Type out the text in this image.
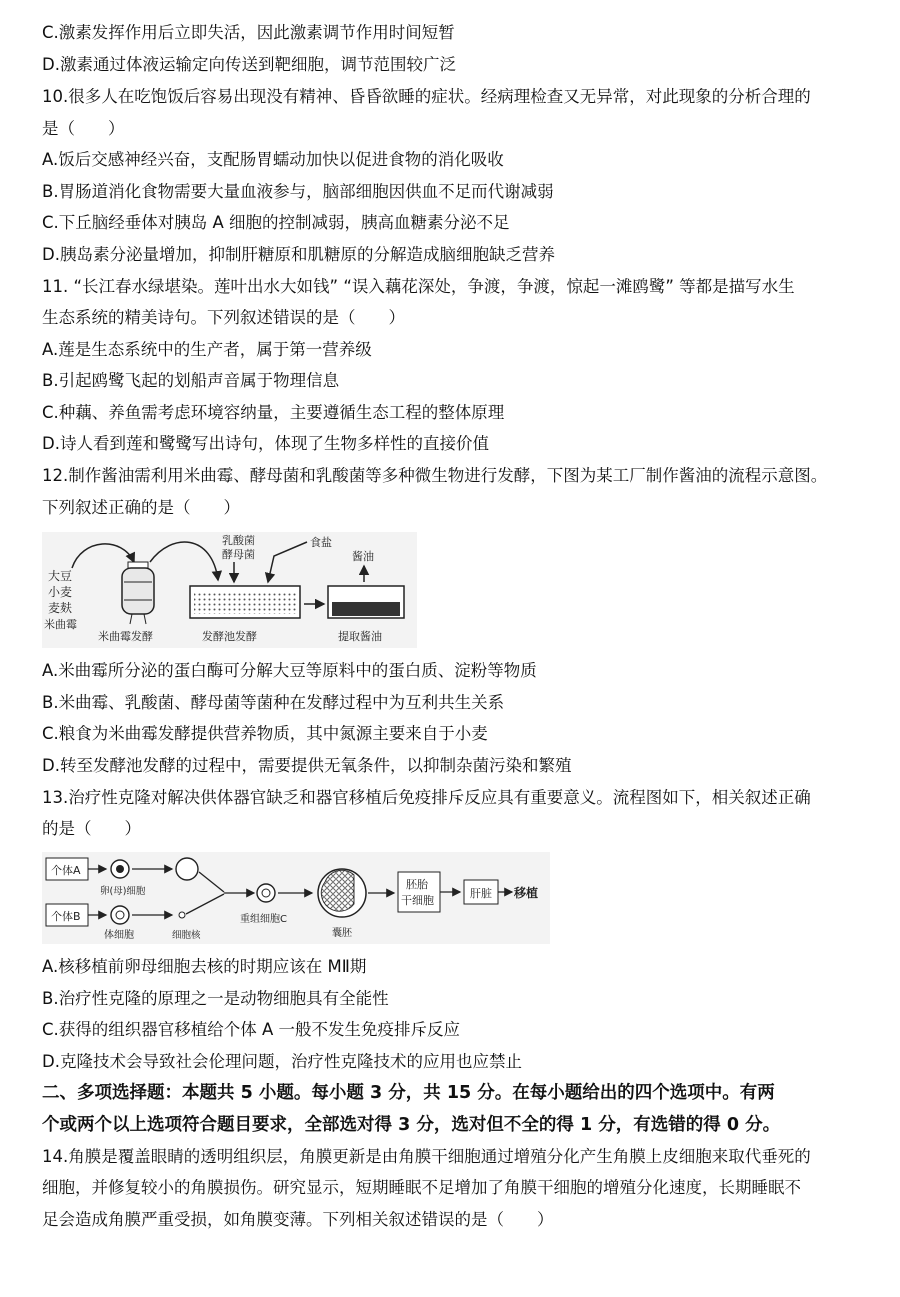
C.激素发挥作用后立即失活，因此激素调节作用时间短暂
D.激素通过体液运输定向传送到靶细胞，调节范围较广泛
10.很多人在吃饱饭后容易出现没有精神、昏昏欲睡的症状。经病理检查又无异常，对此现象的分析合理的
是（　　）
A.饭后交感神经兴奋，支配肠胃蠕动加快以促进食物的消化吸收
B.胃肠道消化食物需要大量血液参与，脑部细胞因供血不足而代谢减弱
C.下丘脑经垂体对胰岛 A 细胞的控制减弱，胰高血糖素分泌不足
D.胰岛素分泌量增加，抑制肝糖原和肌糖原的分解造成脑细胞缺乏营养
11. “长江春水绿堪染。莲叶出水大如钱” “误入藕花深处，争渡，争渡，惊起一滩鸥鹭” 等都是描写水生
生态系统的精美诗句。下列叙述错误的是（　　）
A.莲是生态系统中的生产者，属于第一营养级
B.引起鸥鹭飞起的划船声音属于物理信息
C.种藕、养鱼需考虑环境容纳量，主要遵循生态工程的整体原理
D.诗人看到莲和鹭鹭写出诗句，体现了生物多样性的直接价值
12.制作酱油需利用米曲霉、酵母菌和乳酸菌等多种微生物进行发酵，下图为某工厂制作酱油的流程示意图。
下列叙述正确的是（　　）
大豆
小麦
麦麸
米曲霉
米曲霉发酵
乳酸菌
酵母菌
食盐
发酵池发酵
酱油
提取酱油
A.米曲霉所分泌的蛋白酶可分解大豆等原料中的蛋白质、淀粉等物质
B.米曲霉、乳酸菌、酵母菌等菌种在发酵过程中为互利共生关系
C.粮食为米曲霉发酵提供营养物质，其中氮源主要来自于小麦
D.转至发酵池发酵的过程中，需要提供无氧条件，以抑制杂菌污染和繁殖
13.治疗性克隆对解决供体器官缺乏和器官移植后免疫排斥反应具有重要意义。流程图如下，相关叙述正确
的是（　　）
个体A
卵(母)细胞
个体B
体细胞	细胞核
重组细胞C
囊胚
胚胎
干细胞
肝脏 移植
A.核移植前卵母细胞去核的时期应该在 MⅡ期
B.治疗性克隆的原理之一是动物细胞具有全能性
C.获得的组织器官移植给个体 A 一般不发生免疫排斥反应
D.克隆技术会导致社会伦理问题，治疗性克隆技术的应用也应禁止
二、多项选择题：本题共 5 小题。每小题 3 分，共 15 分。在每小题给出的四个选项中。有两
个或两个以上选项符合题目要求，全部选对得 3 分，选对但不全的得 1 分，有选错的得 0 分。
14.角膜是覆盖眼睛的透明组织层，角膜更新是由角膜干细胞通过增殖分化产生角膜上皮细胞来取代垂死的
细胞，并修复较小的角膜损伤。研究显示，短期睡眠不足增加了角膜干细胞的增殖分化速度，长期睡眠不
足会造成角膜严重受损，如角膜变薄。下列相关叙述错误的是（　　）
